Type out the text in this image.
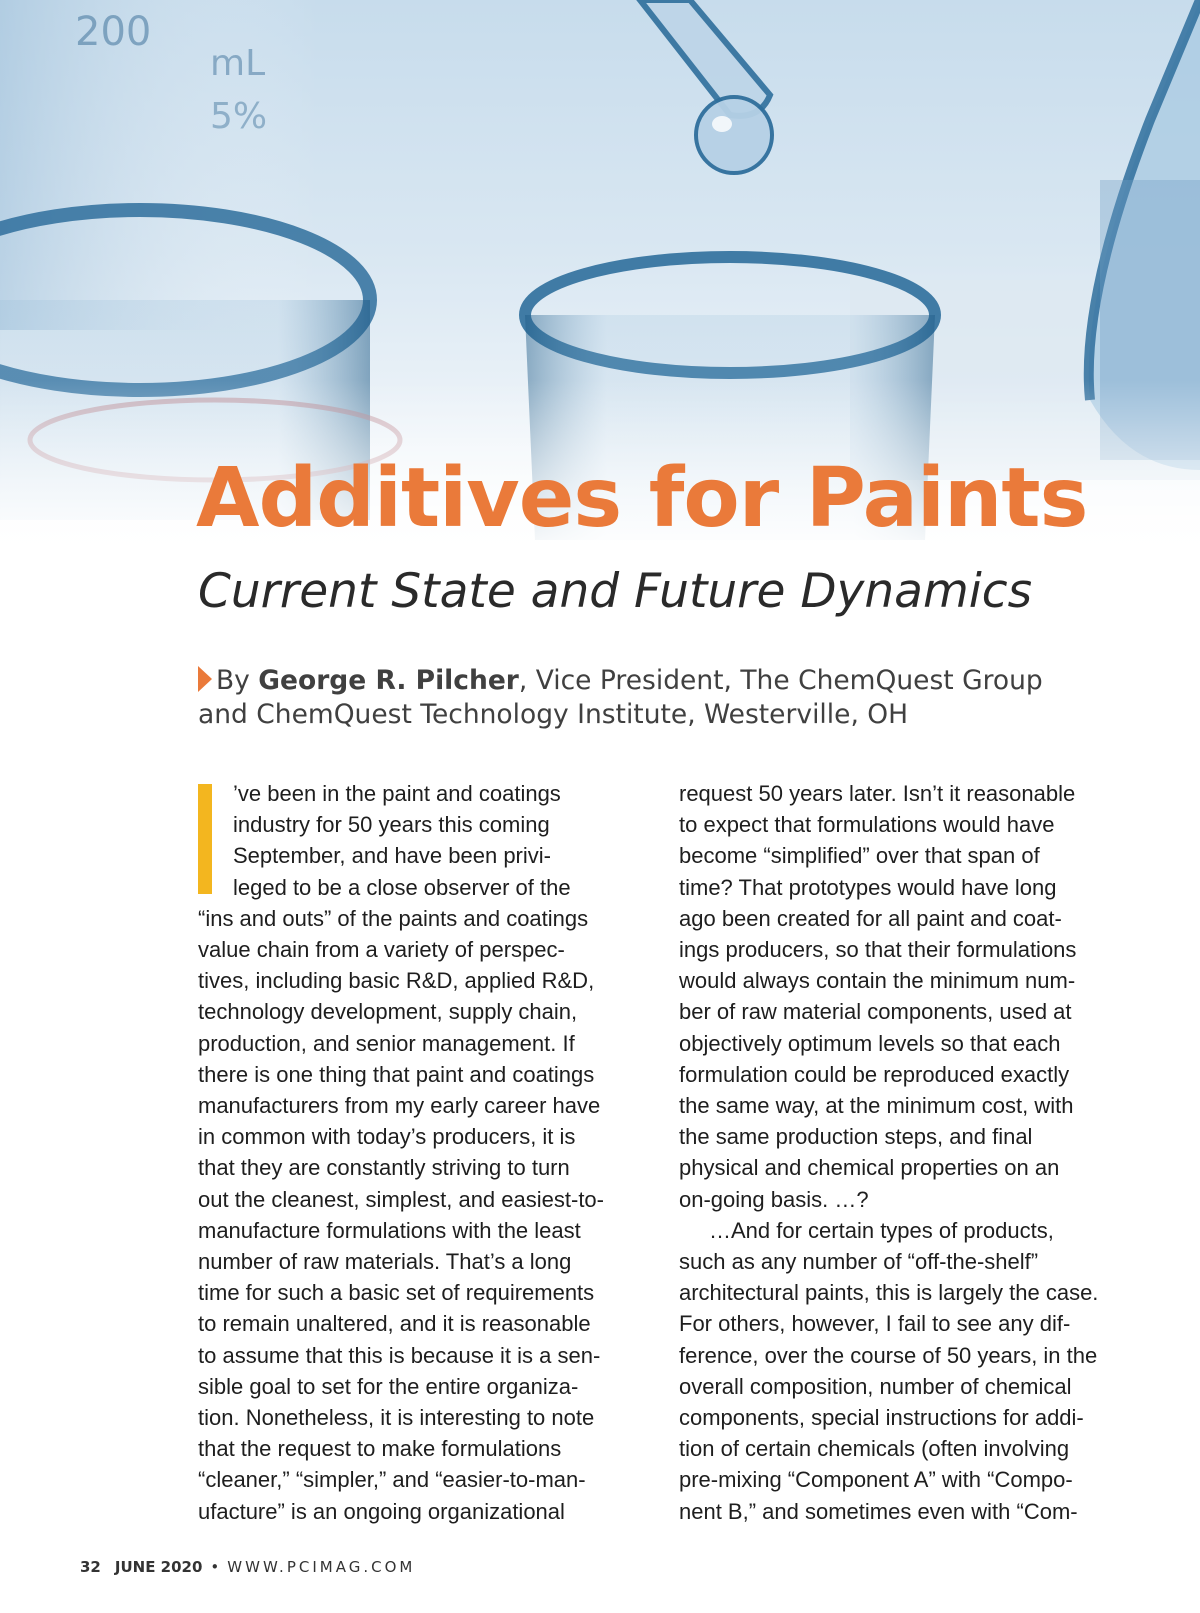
200
mL
5%
Additives for Paints
Current State and Future Dynamics
By George R. Pilcher, Vice President, The ChemQuest Group
and ChemQuest Technology Institute, Westerville, OH
’ve been in the paint and coatings
industry for 50 years this coming
September, and have been privi-
leged to be a close observer of the
“ins and outs” of the paints and coatings
value chain from a variety of perspec-
tives, including basic R&D, applied R&D,
technology development, supply chain,
production, and senior management. If
there is one thing that paint and coatings
manufacturers from my early career have
in common with today’s producers, it is
that they are constantly striving to turn
out the cleanest, simplest, and easiest-to-
manufacture formulations with the least
number of raw materials. That’s a long
time for such a basic set of requirements
to remain unaltered, and it is reasonable
to assume that this is because it is a sen-
sible goal to set for the entire organiza-
tion. Nonetheless, it is interesting to note
that the request to make formulations
“cleaner,” “simpler,” and “easier-to-man-
ufacture” is an ongoing organizational
request 50 years later. Isn’t it reasonable
to expect that formulations would have
become “simplified” over that span of
time? That prototypes would have long
ago been created for all paint and coat-
ings producers, so that their formulations
would always contain the minimum num-
ber of raw material components, used at
objectively optimum levels so that each
formulation could be reproduced exactly
the same way, at the minimum cost, with
the same production steps, and final
physical and chemical properties on an
on-going basis. …?
…And for certain types of products,
such as any number of “off-the-shelf”
architectural paints, this is largely the case.
For others, however, I fail to see any dif-
ference, over the course of 50 years, in the
overall composition, number of chemical
components, special instructions for addi-
tion of certain chemicals (often involving
pre-mixing “Component A” with “Compo-
nent B,” and sometimes even with “Com-
32 JUNE 2020 • WWW.PCIMAG.COM
